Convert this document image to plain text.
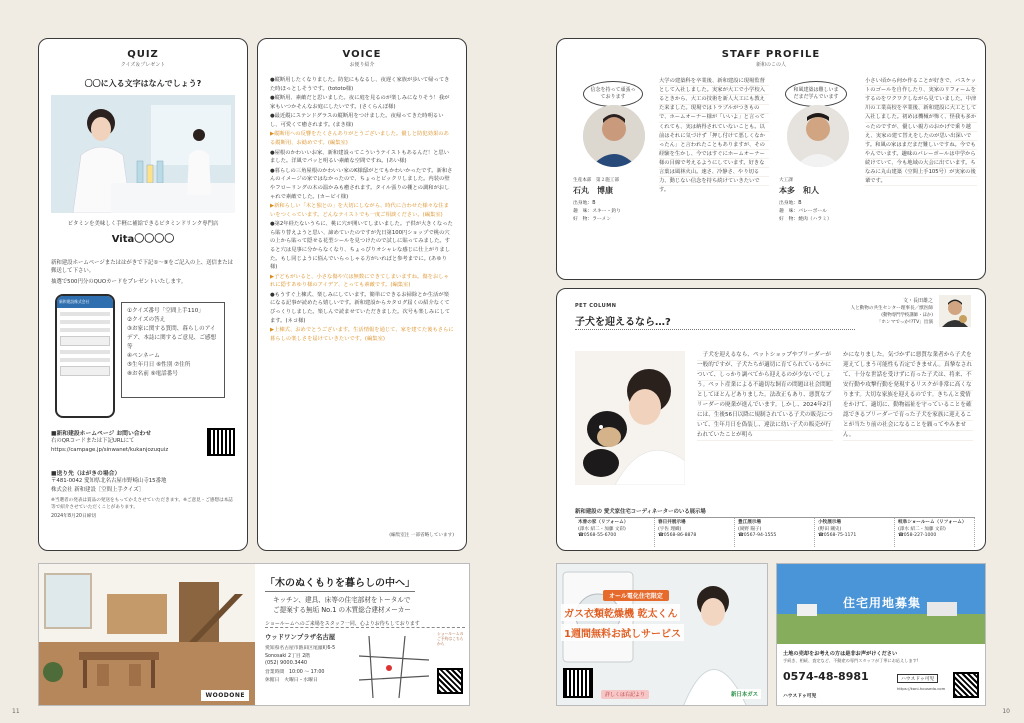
QUIZ
クイズ＆プレゼント
〇〇に入る文字はなんでしょう?
ビタミンを美味しく手軽に補給できるビタミンドリンク専門店
Vita〇〇〇〇
新和建設ホームページまたははがきで下記①〜⑨をご記入の上、送信または郵送して下さい。
抽選で500円分のQUOカードをプレゼントいたします。
新和建設株式会社
①クイズ番号「空間上手110」
②クイズの答え
③お家に関する質問、暮らしのアイデア、本誌に関するご意見、ご感想等
④ペンネーム
⑤生年月日 ⑥性別 ⑦住所
⑧お名前 ⑨電話番号
■新和建設ホームページ お問い合わせ
右のQRコードまたは下記URLにて
https://campage.jp/sinwanet/kukanjozuquiz
■送り先（はがきの場合）
〒481-0042 愛知県北名古屋市野崎山寺15番地
株式会社 新和建設［空間上手クイズ］
※当選者の発表は賞品の発送をもってかえさせていただきます。※ご意見・ご感想は本誌等で紹介させていただくことがあります。
2024年8月20日締切
VOICE
お便り紹介
●縦断用したくなりました。防犯にもなるし、夜遅く家族が歩いて帰ってきた時ほっとしそうです。(tototo様)
●縦断用、素敵だと思いました。夜に庭を見るのが楽しみになりそう！我が家もいつかそんなお庭にしたいです。(さくらんぼ様)
●最近縦にステンドグラスの縦断用をつけました。夜帰ってきた時明るいし、可愛くて癒されます。(まき様)
▶縦断用への反響をたくさんありがとうございました。優しと防犯効果のある縦断用、お勧めです。(編集室)
●屋根のかわいいお家、新和建設ってこういうテイストもあるんだ！と思いました。洋風でパッと明るい素敵な空間ですね。(あい様)
●暮らしの三角屋根のかわいい家のK様邸がとてもかわいかったです。新和さんのイメージの家ではなかったので、ちょっとビックリしました。内装の壁やフローリングの木の温かみも癒されます。タイル張りの棚との調和がおしゃれで素敵でした。(カーピイ様)
▶新和らしい「木と独との」を大切にしながら、時代に合わせた様々な住まいをつくっています。どんなテイストでも一度ご相談ください。(編集室)
●第2年経たないうちに、桃に穴が開いてしまいました。子供が大きくなったら貼り替えようと思い、諦めていたのですが先日第100円ショップで桃の穴の上から貼って隠せる花型シールを見つけたので試しに貼ってみました。すると穴は見事に分からなくなり、ちょっぴりオシャレな感じに仕上がりました。もし同じように悩んでいらっしゃる方がいればと参考までに。(あゆり様)
▶子どもがいると、小さな傷や穴は無数にできてしまいますね。傷をおしゃれに隠すあゆり様のアイデア、とっても素敵です。(編集室)
●もうすぐ上棟式、楽しみにしています。簡単にできるお掃除とか生活が楽になる記事が読めたら嬉しいです。新和建設からカタログ届くの紹介なくてびっくりしました。楽しんで読ませていただきました。次号も楽しみにしてます。(ネコ様)
▶上棟式、おめでとうございます。生活情報を通じて、家を建てた後もさらに暮らしの楽しさを届けていきたいです。(編集室)
(編集室注 一部省略しています)
WOODONE
「木のぬくもりを暮らしの中へ」
キッチン、建具、床等の住宅部材をトータルで
ご提案する無垢 No.1 の木質総合建材メーカー
ショールームへのご来場をスタッフ一同、心よりお待ちしております
ウッドワンプラザ名古屋
愛知県名古屋市熱田区尾頭町6-5
Sonosaki 2丁目 2階
(052) 9000.3440
営業時間　10:00 〜 17:00
休館日　火曜日・水曜日
ショールームのご予約はこちらから
11
STAFF PROFILE
新和のこの人
信念を持って頑張っております
生産本部　第２施工部
石丸　博康
出身地：B
趣　味：スキー・釣り
好　物：ラーメン
大学の建築科を卒業後、新和建設に現場監督として入社しました。実家が大工で小学校入るときから、大工の技術を新人大工にも教えた来ました。現場ではトラブルがつきもので、ホームオーナー様が「いいよ」と言ってくれても、実は納得されていないことも。以前はそれに気づけず「押し付けて悪しくなかったん」と言われたこともありますが、その経験を生かし、今ではすぐにホームオーナー様の目線で考えるようにしています。好きな言葉は風林火山。速さ、冷静さ、やり切る力、動じない信念を持ち続けていきたいです。
和風建築は難しいまだまだ学んでいます
大工課　　
本多　和人
出身地：B
趣　味：バレーボール
好　物：焼肉（ハラミ）
小さい頃から何か作ることが好きで、バスケットのゴールを自作したり、実家のリフォームをするのをワクワクしながら見ていました。中津川の工業高校を卒業後、新和建設に大工として入社しました。初めは機械が怖く、怪我も多かったのですが、優しい親方のおかげで乗り越え、実家の建て替えをしたのが思い出深いです。和風の家はまだまだ難しいですね。今でもやんでいます。趣味のバレーボールは中学から続けていて、今も地域の大会に出ています。ちなみに丸山建築（空間上手105号）が実家の後輩です。
PET COLUMN
子犬を迎えるなら…?
文・長田雄之
人と動物の共生センター理事長／獣医師
(動物専門学校講師・ほか)
「ホンマでっか!?TV」出演
子犬を迎えるなら、ペットショップやブリーダーが一般的ですが、子犬たちが適切に育てられているかについて、しっかり調べてから迎えるのが少ないでしょう。ペット産業による不適切な飼育の問題は社会問題としてほとんどありました。法改正もあり、悪質なブリーダーの廃業が進んでいます。しかし、2024年2月には、生後56日以降に規制されている子犬の販売について、生年月日を偽装し、違法に幼い子犬の販売が行われていたことが明ら
かになりました。気づかずに悪質な業者から子犬を迎えてしまう可能性も否定できません。真摯なされて、十分な世話を受けずに育った子犬は、将来、不安行動や攻撃行動を発現するリスクが非常に高くなります。大切な家族を迎えるのです。きちんと愛情をかけて、適切に、動物福祉を守っていることを確認できるブリーダーで育った子犬を家族に迎えることが当たり前の社会になることを願ってやみません。
新和建設の 愛犬家住宅コーディネーターのいる展示場
木曽の家（リフォーム）
(澤水 紹二・加藤 文彩)
☎0568-55-6700
春日井展示場
(宇佐 理織)
☎0568-86-8878
豊江展示場
(岡野 陽子)
☎0567-94-1555
小牧展示場
(野田 剛史)
☎0568-75-1171
岐阜ショールーム（リフォーム）
(澤水 紹二・加藤 文彩)
☎058-227-1000
オール電化住宅限定
ガス衣類乾燥機 乾太くん
1週間無料お試しサービス
詳しくは右記より	新日本ガス
住宅用地募集
土地の売却をお考えの方は是非お声がけください
手続き、相続、査定など、不動産の専門スタッフが丁寧にお応えします!
0574-48-8981	ハウスドゥ可児
https://kani-housedo.com
ハウスドゥ可児
10
